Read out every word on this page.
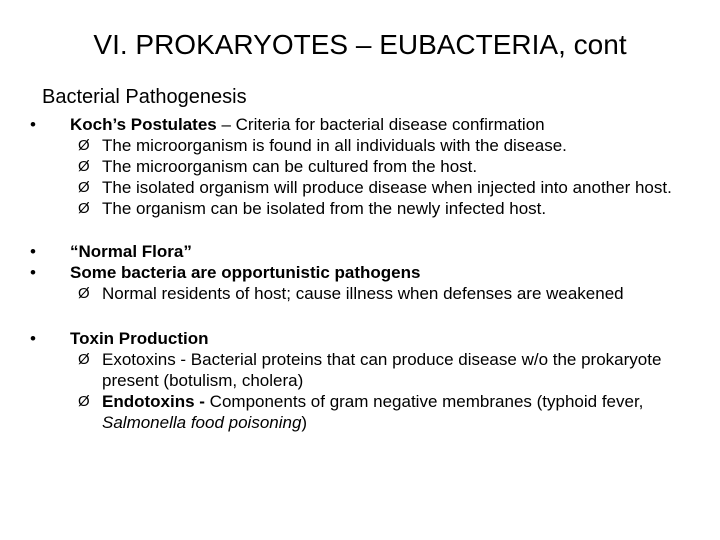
VI. PROKARYOTES – EUBACTERIA, cont
Bacterial Pathogenesis
• Koch’s Postulates – Criteria for bacterial disease confirmation
Ø The microorganism is found in all individuals with the disease.
Ø The microorganism can be cultured from the host.
Ø The isolated organism will produce disease when injected into another host.
Ø The organism can be isolated from the newly infected host.
• “Normal Flora”
• Some bacteria are opportunistic pathogens
Ø Normal residents of host; cause illness when defenses are weakened
• Toxin Production
Ø Exotoxins - Bacterial proteins that can produce disease w/o the prokaryote present (botulism, cholera)
Ø Endotoxins - Components of gram negative membranes (typhoid fever, Salmonella food poisoning)
